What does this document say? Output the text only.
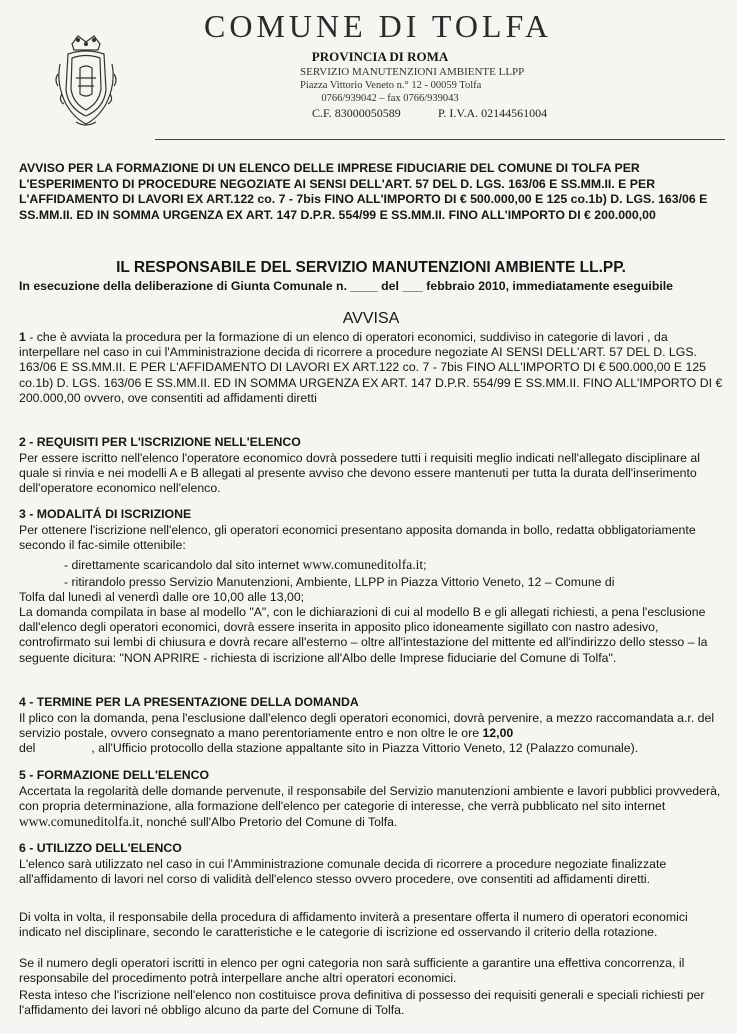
COMUNE DI TOLFA
PROVINCIA DI ROMA
SERVIZIO MANUTENZIONI AMBIENTE LLPP
Piazza Vittorio Veneto n.° 12 - 00059 Tolfa
0766/939042 – fax 0766/939043
C.F. 83000050589	P. I.V.A. 02144561004
AVVISO PER LA FORMAZIONE DI UN ELENCO DELLE IMPRESE FIDUCIARIE DEL COMUNE DI TOLFA PER L'ESPERIMENTO DI PROCEDURE NEGOZIATE AI SENSI DELL'ART. 57 DEL D. LGS. 163/06 E SS.MM.II. E PER L'AFFIDAMENTO DI LAVORI EX ART.122 co. 7 - 7bis FINO ALL'IMPORTO DI € 500.000,00 E 125 co.1b) D. LGS. 163/06 E SS.MM.II. ED IN SOMMA URGENZA EX ART. 147 D.P.R. 554/99 E SS.MM.II. FINO ALL'IMPORTO DI € 200.000,00
IL RESPONSABILE DEL SERVIZIO MANUTENZIONI AMBIENTE LL.PP.
In esecuzione della deliberazione di Giunta Comunale n. ____ del ___ febbraio 2010, immediatamente eseguibile
AVVISA
1 - che è avviata la procedura per la formazione di un elenco di operatori economici, suddiviso in categorie di lavori , da interpellare nel caso in cui l'Amministrazione decida di ricorrere a procedure negoziate AI SENSI DELL'ART. 57 DEL D. LGS. 163/06 E SS.MM.II. E PER L'AFFIDAMENTO DI LAVORI EX ART.122 co. 7 - 7bis FINO ALL'IMPORTO DI € 500.000,00 E 125 co.1b) D. LGS. 163/06 E SS.MM.II. ED IN SOMMA URGENZA EX ART. 147 D.P.R. 554/99 E SS.MM.II. FINO ALL'IMPORTO DI € 200.000,00 ovvero, ove consentiti ad affidamenti diretti
2 - REQUISITI PER L'ISCRIZIONE NELL'ELENCO
Per essere iscritto nell'elenco l'operatore economico dovrà possedere tutti i requisiti meglio indicati nell'allegato disciplinare al quale si rinvia e nei modelli A e B allegati al presente avviso che devono essere mantenuti per tutta la durata dell'inserimento dell'operatore economico nell'elenco.
3 - MODALITÁ DI ISCRIZIONE
Per ottenere l'iscrizione nell'elenco, gli operatori economici presentano apposita domanda in bollo, redatta obbligatoriamente secondo il fac-simile ottenibile:
- direttamente scaricandolo dal sito internet www.comuneditolfa.it;
- ritirandolo presso Servizio Manutenzioni, Ambiente, LLPP in Piazza Vittorio Veneto, 12 – Comune di
Tolfa dal lunedì al venerdì dalle ore 10,00 alle 13,00;
La domanda compilata in base al modello "A", con le dichiarazioni di cui al modello B e gli allegati richiesti, a pena l'esclusione dall'elenco degli operatori economici, dovrà essere inserita in apposito plico idoneamente sigillato con nastro adesivo, controfirmato sui lembi di chiusura e dovrà recare all'esterno – oltre all'intestazione del mittente ed all'indirizzo dello stesso – la seguente dicitura: "NON APRIRE - richiesta di iscrizione all'Albo delle Imprese fiduciarie del Comune di Tolfa".
4 - TERMINE PER LA PRESENTAZIONE DELLA DOMANDA
Il plico con la domanda, pena l'esclusione dall'elenco degli operatori economici, dovrà pervenire, a mezzo raccomandata a.r. del servizio postale, ovvero consegnato a mano perentoriamente entro e non oltre le ore 12,00
del	, all'Ufficio protocollo della stazione appaltante sito in Piazza Vittorio Veneto, 12 (Palazzo comunale).
5 - FORMAZIONE DELL'ELENCO
Accertata la regolarità delle domande pervenute, il responsabile del Servizio manutenzioni ambiente e lavori pubblici provvederà, con propria determinazione, alla formazione dell'elenco per categorie di interesse, che verrà pubblicato nel sito internet www.comuneditolfa.it, nonché sull'Albo Pretorio del Comune di Tolfa.
6 - UTILIZZO DELL'ELENCO
L'elenco sarà utilizzato nel caso in cui l'Amministrazione comunale decida di ricorrere a procedure negoziate finalizzate all'affidamento di lavori nel corso di validità dell'elenco stesso ovvero procedere, ove consentiti ad affidamenti diretti.
Di volta in volta, il responsabile della procedura di affidamento inviterà a presentare offerta il numero di operatori economici indicato nel disciplinare, secondo le caratteristiche e le categorie di iscrizione ed osservando il criterio della rotazione.
Se il numero degli operatori iscritti in elenco per ogni categoria non sarà sufficiente a garantire una effettiva concorrenza, il responsabile del procedimento potrà interpellare anche altri operatori economici.
Resta inteso che l'iscrizione nell'elenco non costituisce prova definitiva di possesso dei requisiti generali e speciali richiesti per l'affidamento dei lavori né obbligo alcuno da parte del Comune di Tolfa.
